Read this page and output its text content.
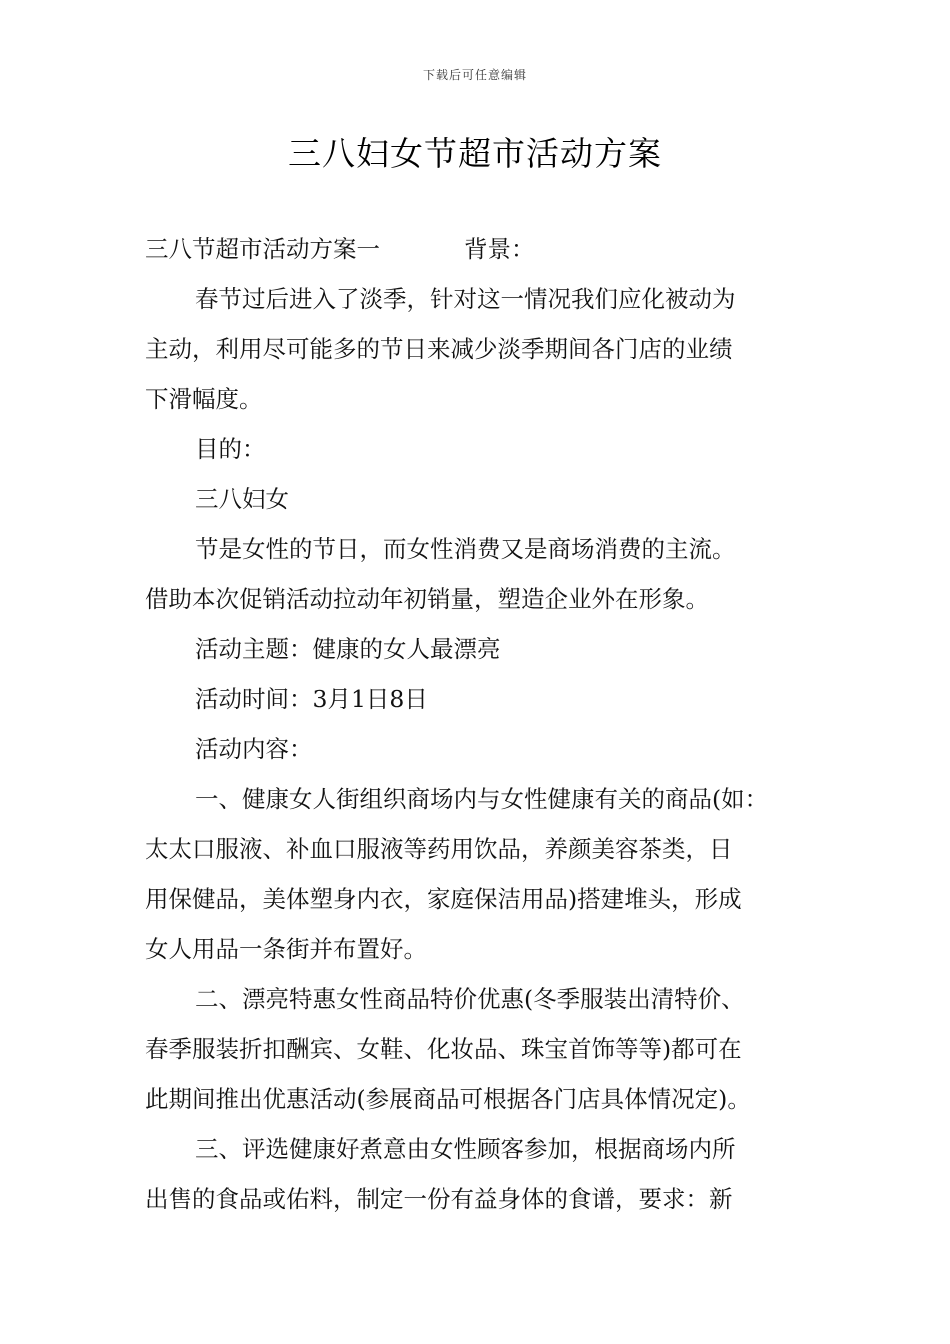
下载后可任意编辑
三八妇女节超市活动方案
三八节超市活动方案一	背景：
春节过后进入了淡季，针对这一情况我们应化被动为
主动，利用尽可能多的节日来减少淡季期间各门店的业绩
下滑幅度。
目的：
三八妇女
节是女性的节日，而女性消费又是商场消费的主流。
借助本次促销活动拉动年初销量，塑造企业外在形象。
活动主题：健康的女人最漂亮
活动时间：3月1日8日
活动内容：
一、健康女人街组织商场内与女性健康有关的商品(如：
太太口服液、补血口服液等药用饮品，养颜美容茶类，日
用保健品，美体塑身内衣，家庭保洁用品)搭建堆头，形成
女人用品一条街并布置好。
二、漂亮特惠女性商品特价优惠(冬季服装出清特价、
春季服装折扣酬宾、女鞋、化妆品、珠宝首饰等等)都可在
此期间推出优惠活动(参展商品可根据各门店具体情况定)。
三、评选健康好煮意由女性顾客参加，根据商场内所
出售的食品或佑料，制定一份有益身体的食谱，要求：新
